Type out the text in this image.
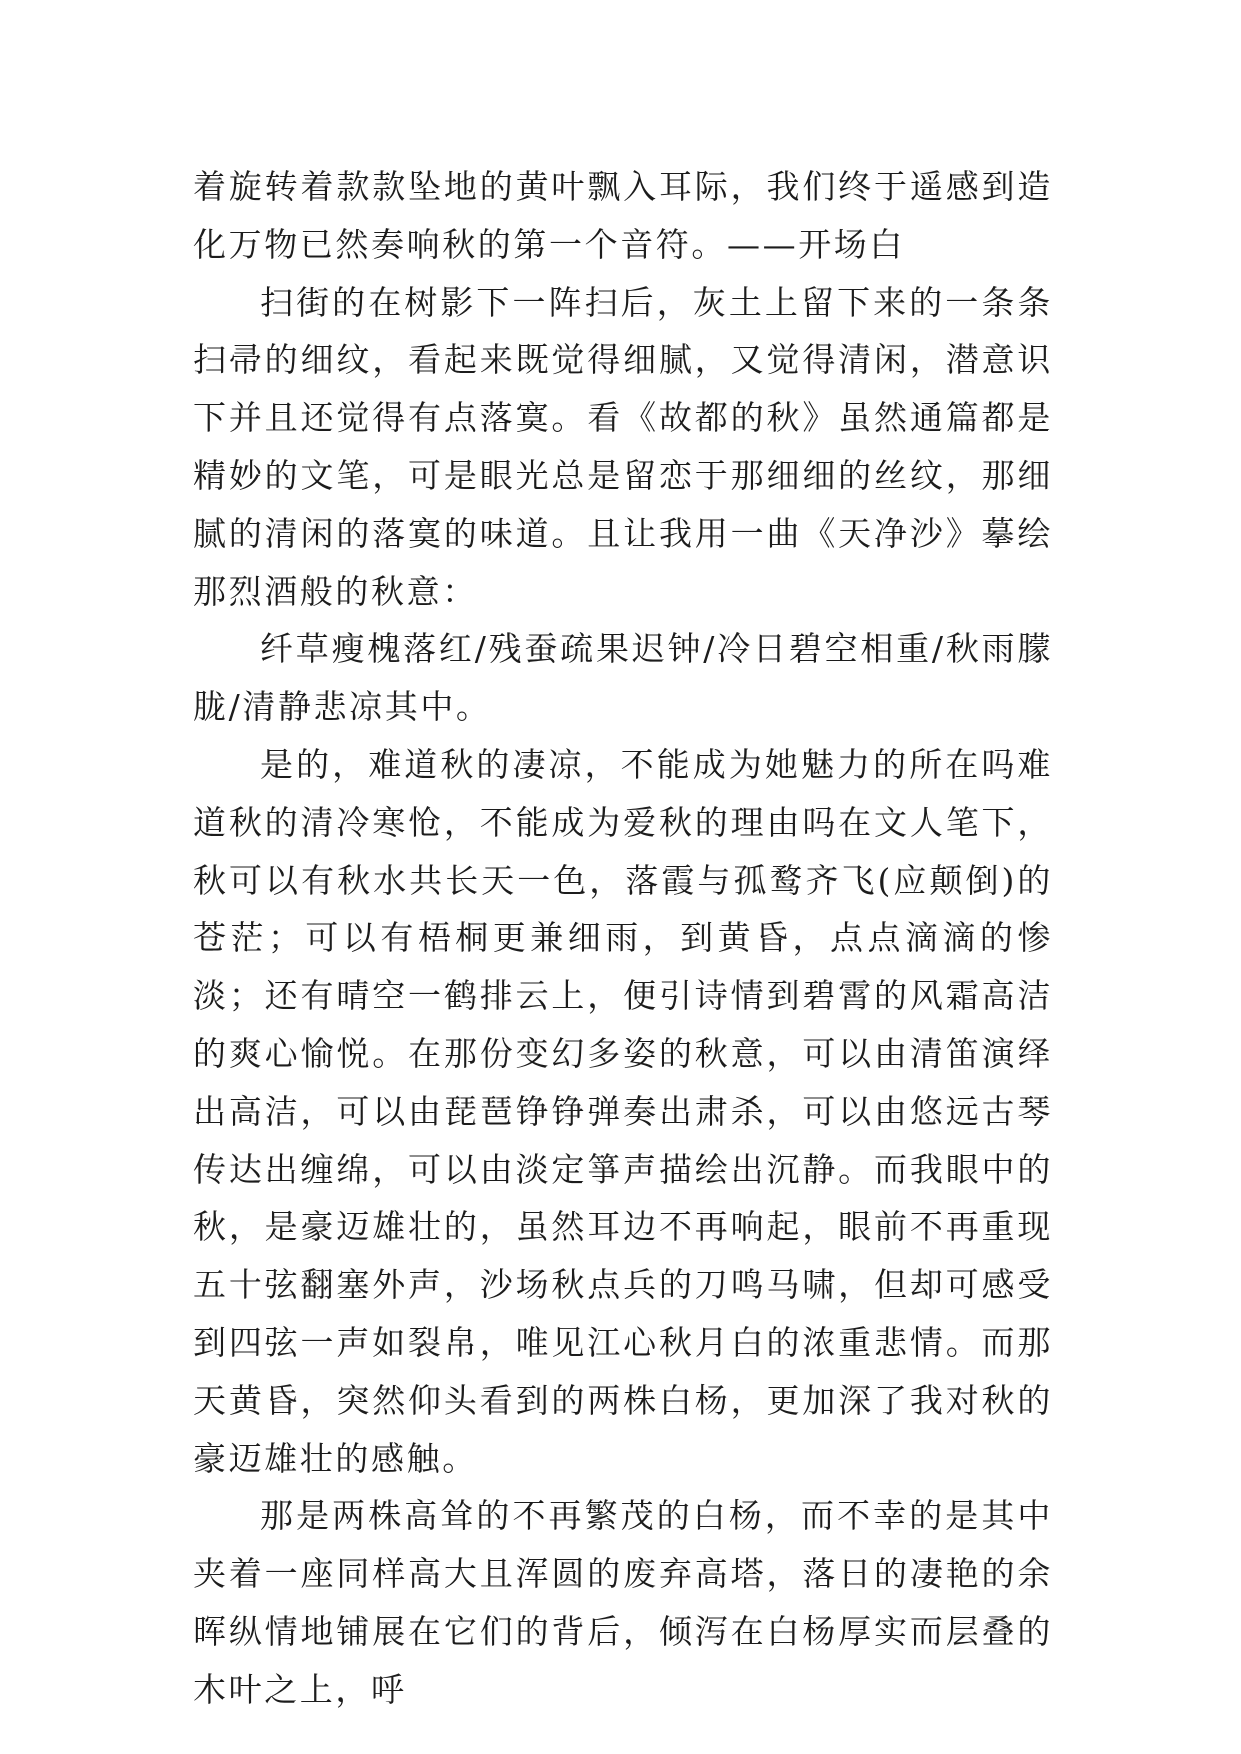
着旋转着款款坠地的黄叶飘入耳际，我们终于遥感到造化万物已然奏响秋的第一个音符。——开场白

扫街的在树影下一阵扫后，灰土上留下来的一条条扫帚的细纹，看起来既觉得细腻，又觉得清闲，潜意识下并且还觉得有点落寞。看《故都的秋》虽然通篇都是精妙的文笔，可是眼光总是留恋于那细细的丝纹，那细腻的清闲的落寞的味道。且让我用一曲《天净沙》摹绘那烈酒般的秋意：

纤草瘦槐落红/残蚕疏果迟钟/冷日碧空相重/秋雨朦胧/清静悲凉其中。

是的，难道秋的凄凉，不能成为她魅力的所在吗难道秋的清冷寒怆，不能成为爱秋的理由吗在文人笔下，秋可以有秋水共长天一色，落霞与孤鹜齐飞(应颠倒)的苍茫；可以有梧桐更兼细雨，到黄昏，点点滴滴的惨淡；还有晴空一鹤排云上，便引诗情到碧霄的风霜高洁的爽心愉悦。在那份变幻多姿的秋意，可以由清笛演绎出高洁，可以由琵琶铮铮弹奏出肃杀，可以由悠远古琴传达出缠绵，可以由淡定箏声描绘出沉静。而我眼中的秋，是豪迈雄壮的，虽然耳边不再响起，眼前不再重现五十弦翻塞外声，沙场秋点兵的刀鸣马啸，但却可感受到四弦一声如裂帛，唯见江心秋月白的浓重悲情。而那天黄昏，突然仰头看到的两株白杨，更加深了我对秋的豪迈雄壮的感触。

那是两株高耸的不再繁茂的白杨，而不幸的是其中夹着一座同样高大且浑圆的废弃高塔，落日的凄艳的余晖纵情地铺展在它们的背后，倾泻在白杨厚实而层叠的木叶之上，呼
